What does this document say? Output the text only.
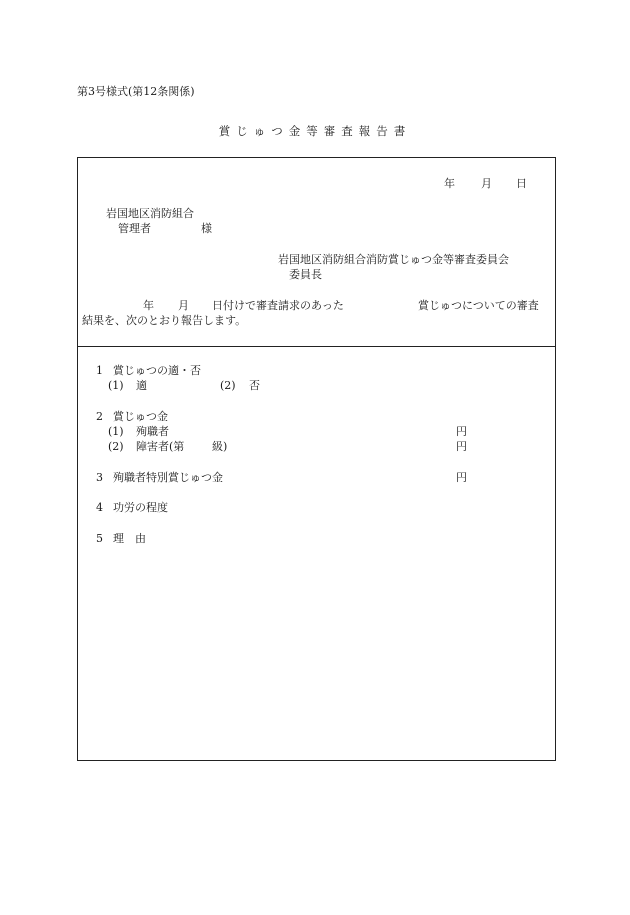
第3号様式(第12条関係)
賞じゅつ金等審査報告書
年 月 日
岩国地区消防組合
管理者	様
岩国地区消防組合消防賞じゅつ金等審査委員会
委員長
年 月 日付けで審査請求のあった	賞じゅつについての審査
結果を、次のとおり報告します。
1 賞じゅつの適・否
(1) 適	(2) 否
2 賞じゅつ金
(1) 殉職者	円
(2) 障害者(第	級)	円
3 殉職者特別賞じゅつ金	円
4 功労の程度
5 理　由
